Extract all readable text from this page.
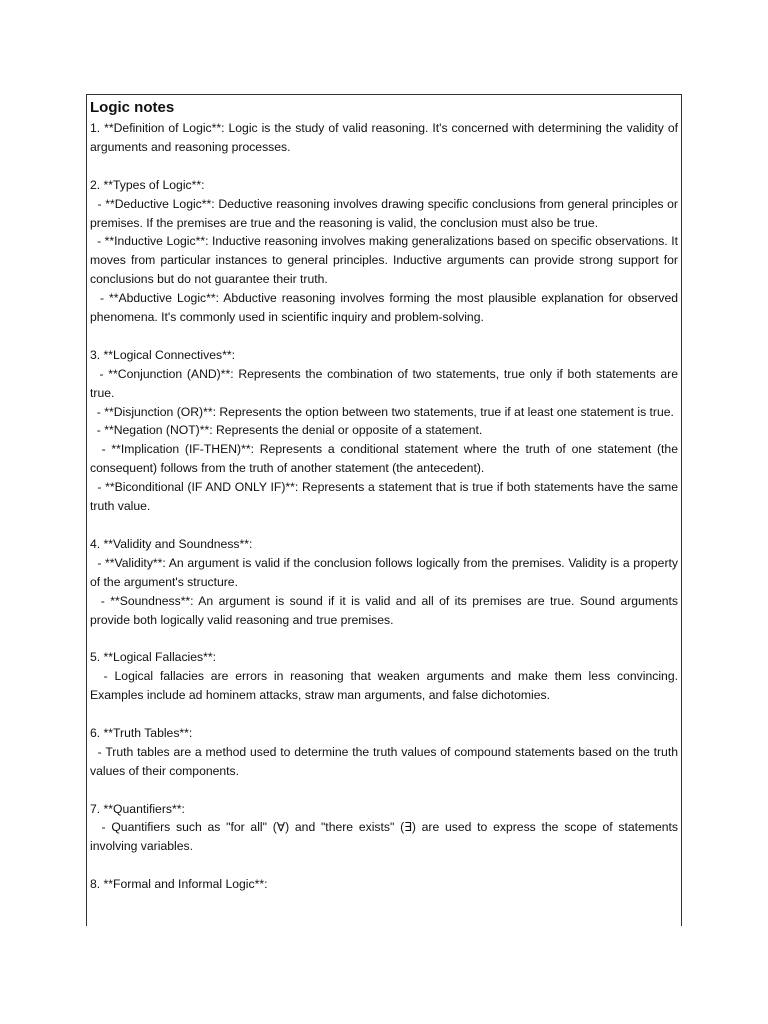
Logic notes

1. **Definition of Logic**: Logic is the study of valid reasoning. It's concerned with determining the validity of arguments and reasoning processes.

2. **Types of Logic**:

- **Deductive Logic**: Deductive reasoning involves drawing specific conclusions from general principles or premises. If the premises are true and the reasoning is valid, the conclusion must also be true.

- **Inductive Logic**: Inductive reasoning involves making generalizations based on specific observations. It moves from particular instances to general principles. Inductive arguments can provide strong support for conclusions but do not guarantee their truth.

- **Abductive Logic**: Abductive reasoning involves forming the most plausible explanation for observed phenomena. It's commonly used in scientific inquiry and problem-solving.

3. **Logical Connectives**:

- **Conjunction (AND)**: Represents the combination of two statements, true only if both statements are true.

- **Disjunction (OR)**: Represents the option between two statements, true if at least one statement is true.

- **Negation (NOT)**: Represents the denial or opposite of a statement.

- **Implication (IF-THEN)**: Represents a conditional statement where the truth of one statement (the consequent) follows from the truth of another statement (the antecedent).

- **Biconditional (IF AND ONLY IF)**: Represents a statement that is true if both statements have the same truth value.

4. **Validity and Soundness**:

- **Validity**: An argument is valid if the conclusion follows logically from the premises. Validity is a property of the argument's structure.

- **Soundness**: An argument is sound if it is valid and all of its premises are true. Sound arguments provide both logically valid reasoning and true premises.

5. **Logical Fallacies**:

- Logical fallacies are errors in reasoning that weaken arguments and make them less convincing. Examples include ad hominem attacks, straw man arguments, and false dichotomies.

6. **Truth Tables**:

- Truth tables are a method used to determine the truth values of compound statements based on the truth values of their components.

7. **Quantifiers**:

- Quantifiers such as "for all" (∀) and "there exists" (∃) are used to express the scope of statements involving variables.

8. **Formal and Informal Logic**:
